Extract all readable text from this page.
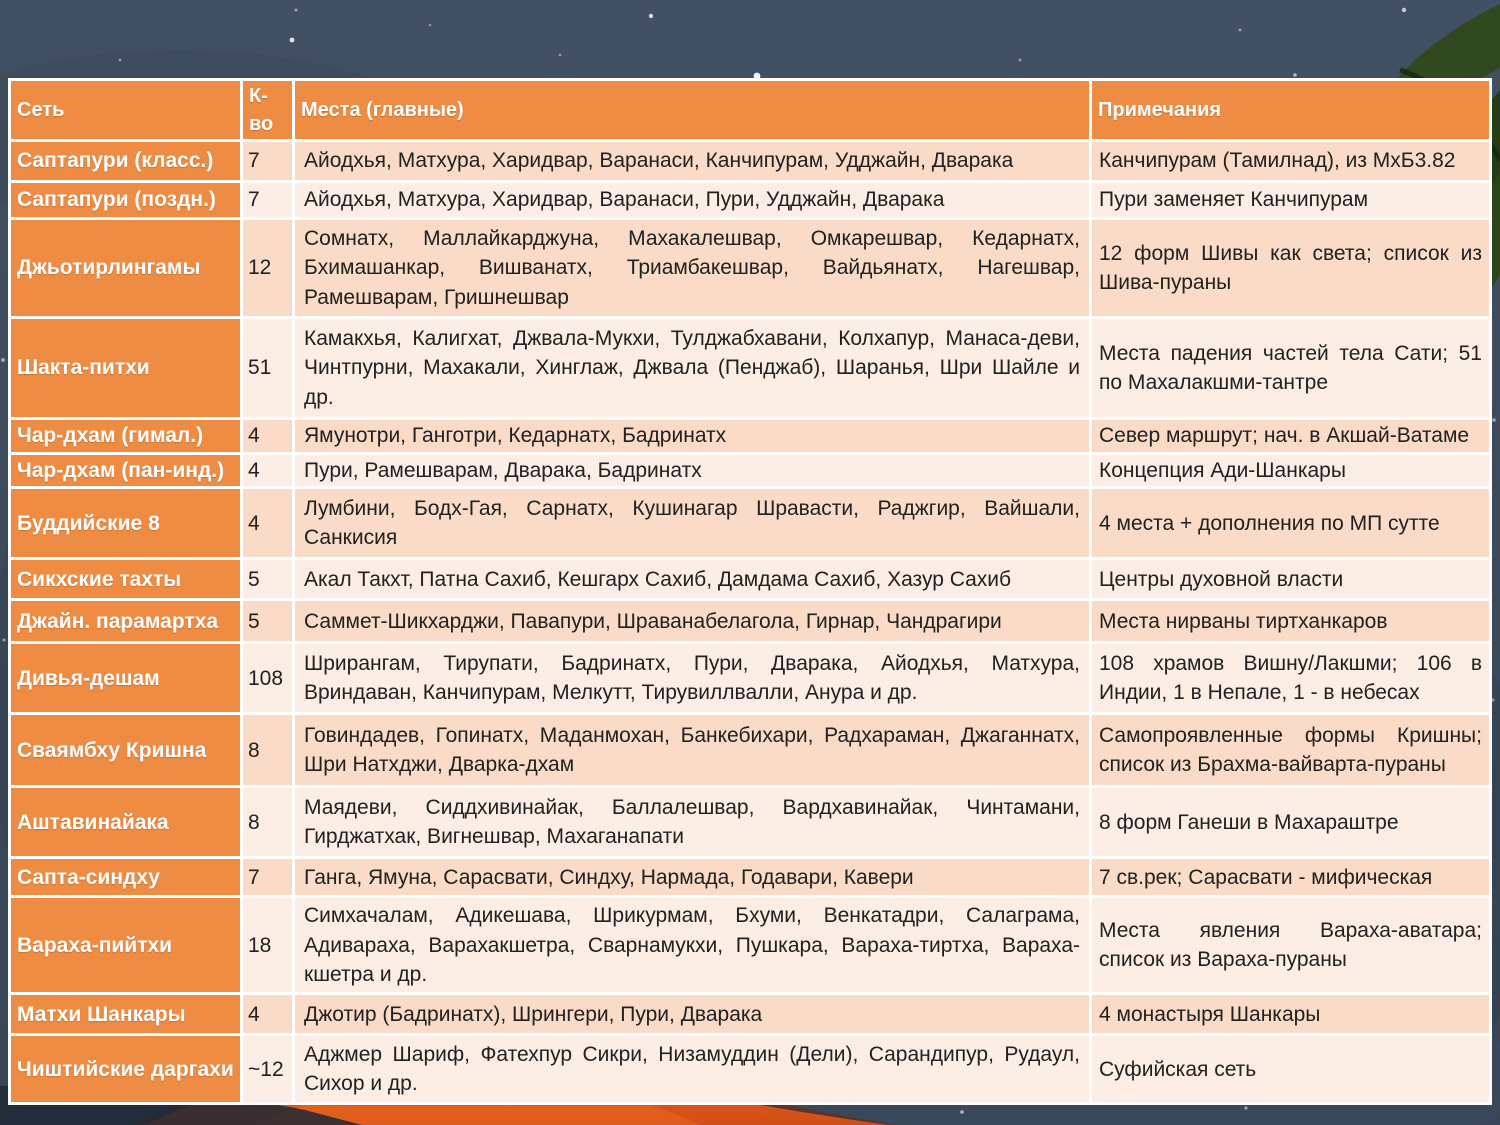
Сеть	К-во	Места (главные)	Примечания
Саптапури (класс.)	7	Айодхья, Матхура, Харидвар, Варанаси, Канчипурам, Удджайн, Дварака	Канчипурам (Тамилнад), из МхБ3.82
Саптапури (поздн.)	7	Айодхья, Матхура, Харидвар, Варанаси, Пури, Удджайн, Дварака	Пури заменяет Канчипурам
Джьотирлингамы	12	Сомнатх, Маллайкарджуна, Махакалешвар, Омкарешвар, Кедарнатх, Бхимашанкар, Вишванатх, Триамбакешвар, Вайдьянатх, Нагешвар, Рамешварам, Гришнешвар	12 форм Шивы как света; список из Шива-пураны
Шакта-питхи	51	Камакхья, Калигхат, Джвала-Мукхи, Тулджабхавани, Колхапур, Манаса-деви, Чинтпурни, Махакали, Хинглаж, Джвала (Пенджаб), Шаранья, Шри Шайле и др.	Места падения частей тела Сати; 51 по Махалакшми-тантре
Чар-дхам (гимал.)	4	Ямунотри, Ганготри, Кедарнатх, Бадринатх	Север маршрут; нач. в Акшай-Ватаме
Чар-дхам (пан-инд.)	4	Пури, Рамешварам, Дварака, Бадринатх	Концепция Ади-Шанкары
Буддийские 8	4	Лумбини, Бодх-Гая, Сарнатх, Кушинагар Шравасти, Раджгир, Вайшали, Санкисия	4 места + дополнения по МП сутте
Сикхские тахты	5	Акал Такхт, Патна Сахиб, Кешгарх Сахиб, Дамдама Сахиб, Хазур Сахиб	Центры духовной власти
Джайн. парамартха	5	Саммет-Шикхарджи, Павапури, Шраванабелагола, Гирнар, Чандрагири	Места нирваны тиртханкаров
Дивья-дешам	108	Шрирангам, Тирупати, Бадринатх, Пури, Дварака, Айодхья, Матхура, Вриндаван, Канчипурам, Мелкутт, Тирувиллвалли, Анура и др.	108 храмов Вишну/Лакшми; 106 в Индии, 1 в Непале, 1 - в небесах
Сваямбху Кришна	8	Говиндадев, Гопинатх, Маданмохан, Банкебихари, Радхараман, Джаганнатх, Шри Натхджи, Дварка-дхам	Самопроявленные формы Кришны; список из Брахма-вайварта-пураны
Аштавинайака	8	Маядеви, Сиддхивинайак, Баллалешвар, Вардхавинайак, Чинтамани, Гирджатхак, Вигнешвар, Махаганапати	8 форм Ганеши в Махараштре
Сапта-синдху	7	Ганга, Ямуна, Сарасвати, Синдху, Нармада, Годавари, Кавери	7 св.рек; Сарасвати - мифическая
Вараха-пийтхи	18	Симхачалам, Адикешава, Шрикурмам, Бхуми, Венкатадри, Салаграма, Адивараха, Варахакшетра, Сварнамукхи, Пушкара, Вараха-тиртха, Вараха-кшетра и др.	Места явления Вараха-аватара; список из Вараха-пураны
Матхи Шанкары	4	Джотир (Бадринатх), Шрингери, Пури, Дварака	4 монастыря Шанкары
Чиштийские даргахи	~12	Аджмер Шариф, Фатехпур Сикри, Низамуддин (Дели), Сарандипур, Рудаул, Сихор и др.	Суфийская сеть
